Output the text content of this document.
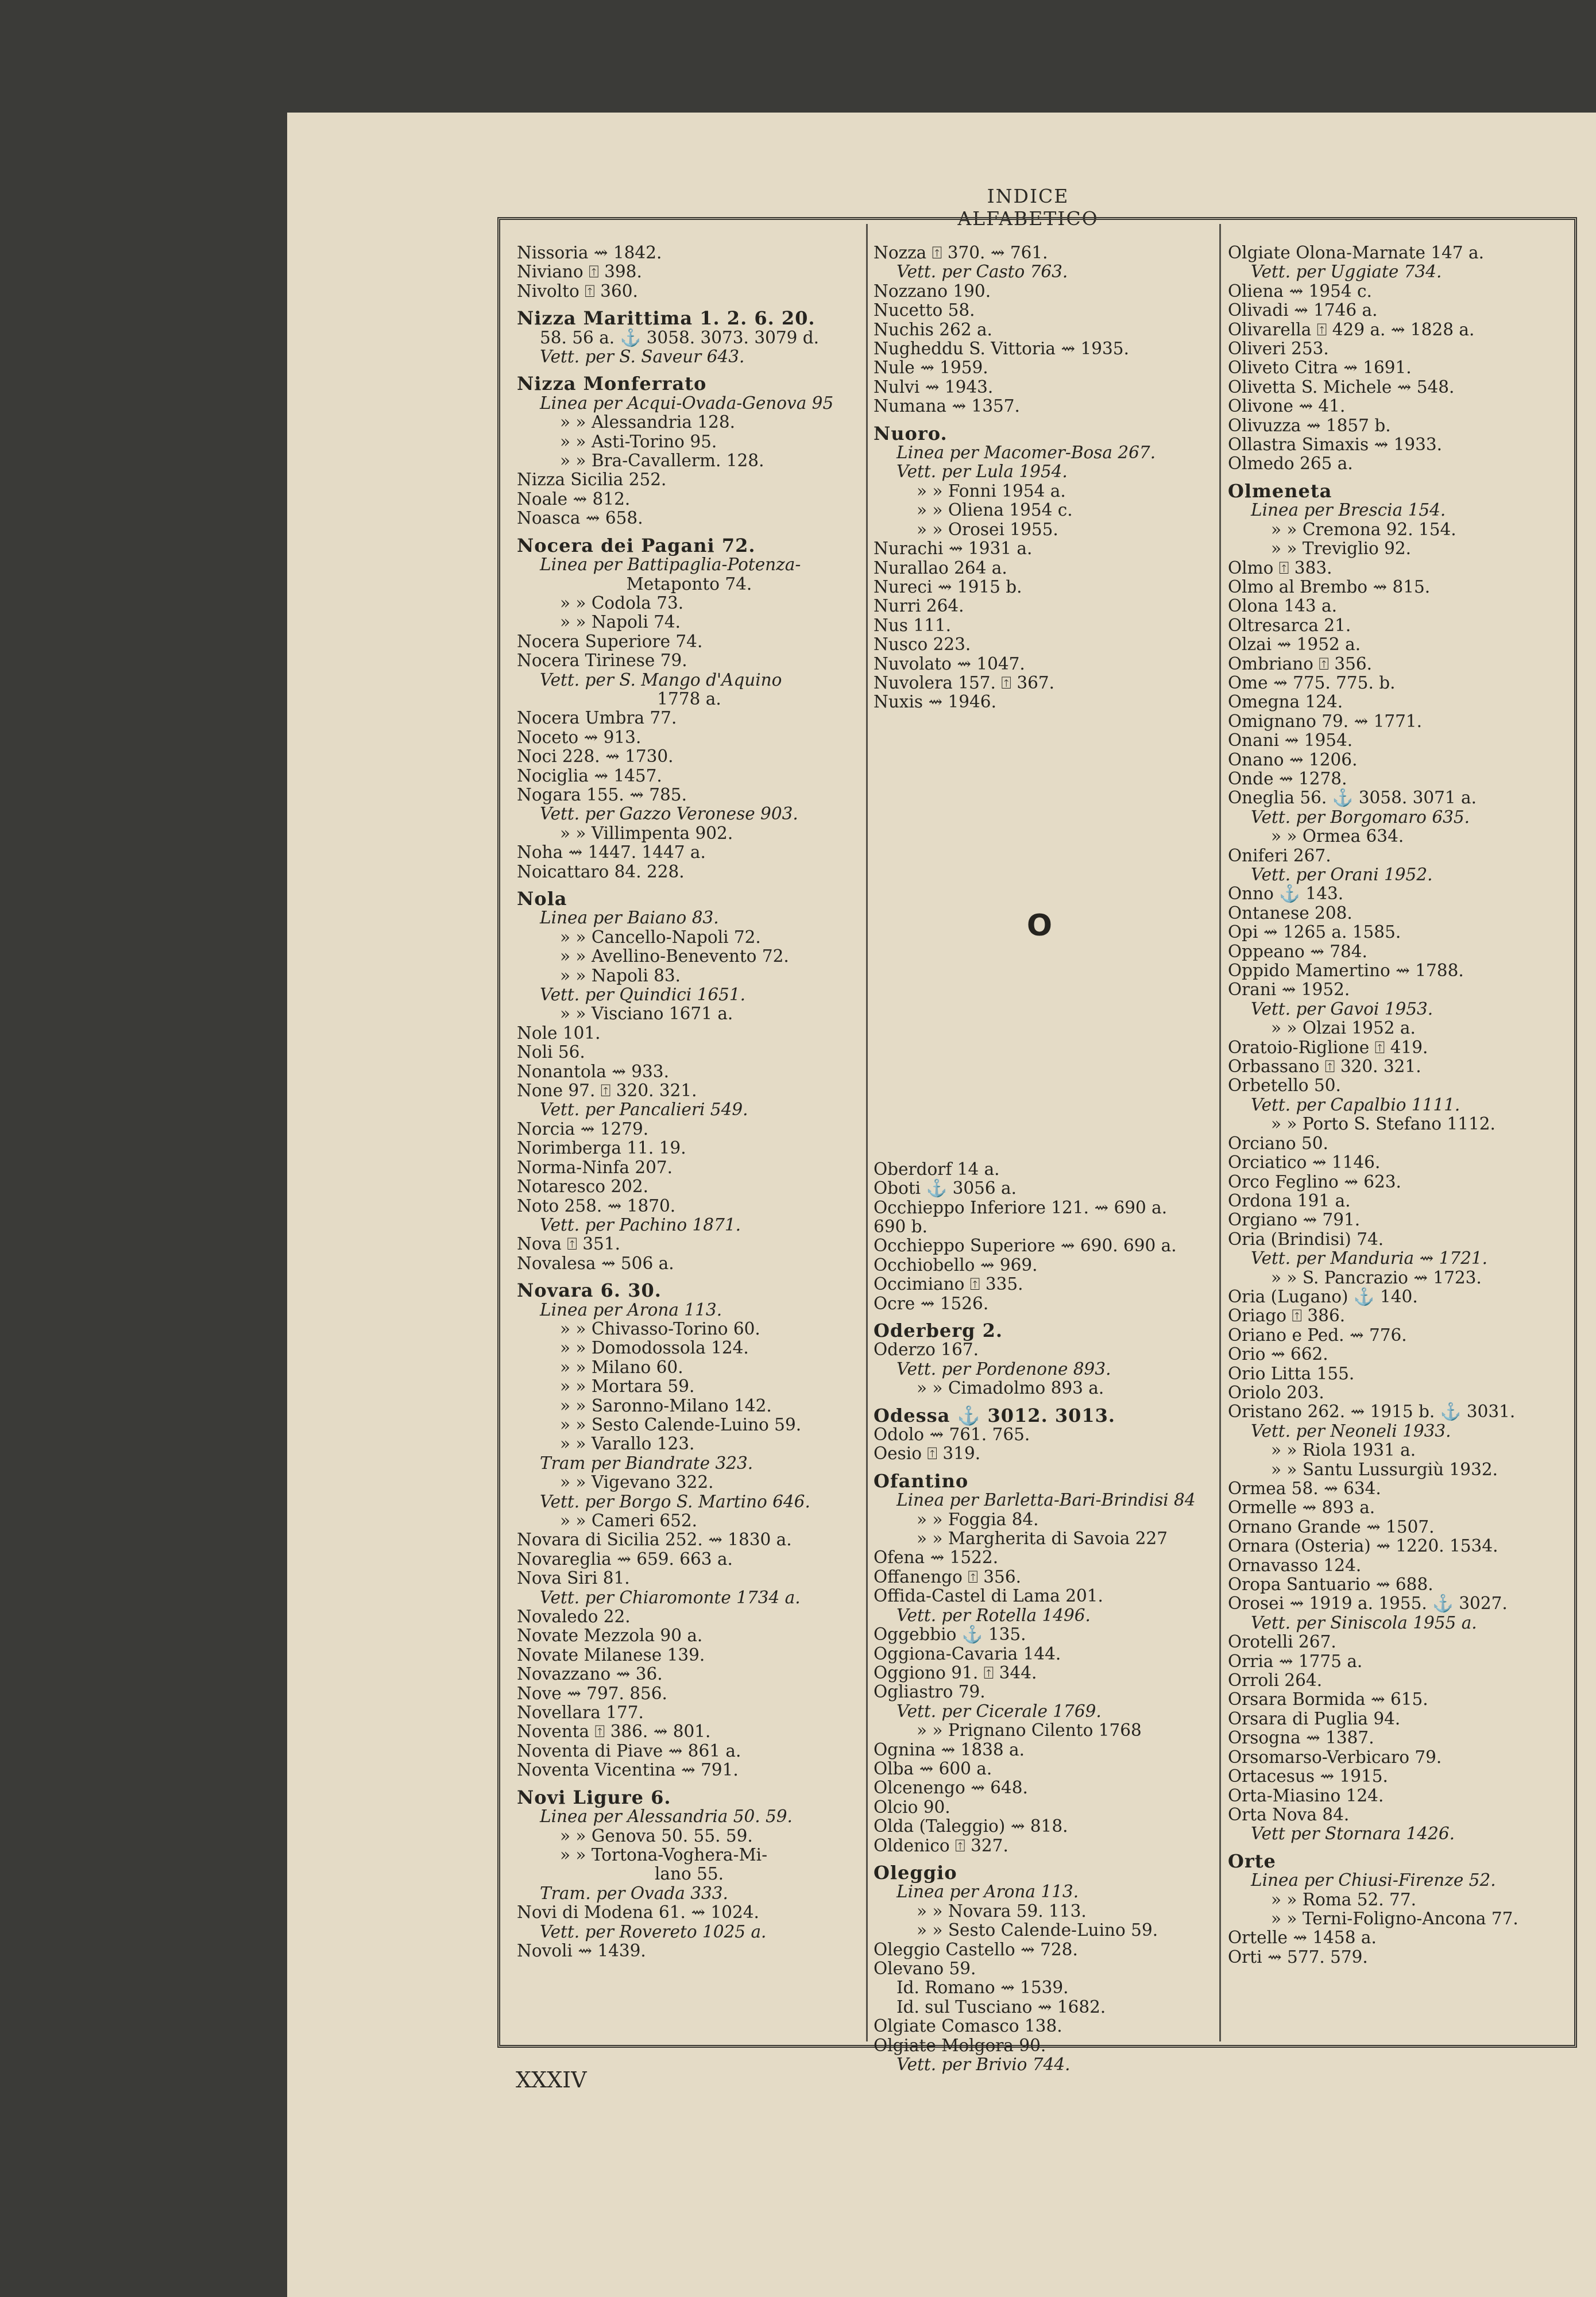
INDICE ALFABETICO
Nissoria ⇝ 1842.
Niviano ⍐ 398.
Nivolto ⍐ 360.
Nizza Marittima 1. 2. 6. 20.
58. 56 a. ⚓ 3058. 3073. 3079 d.
Vett. per S. Saveur 643.
Nizza Monferrato
Linea per Acqui-Ovada-Genova 95
» » Alessandria 128.
» » Asti-Torino 95.
» » Bra-Cavallerm. 128.
Nizza Sicilia 252.
Noale ⇝ 812.
Noasca ⇝ 658.
Nocera dei Pagani 72.
Linea per Battipaglia-Potenza-
Metaponto 74.
» » Codola 73.
» » Napoli 74.
Nocera Superiore 74.
Nocera Tirinese 79.
Vett. per S. Mango d'Aquino
1778 a.
Nocera Umbra 77.
Noceto ⇝ 913.
Noci 228. ⇝ 1730.
Nociglia ⇝ 1457.
Nogara 155. ⇝ 785.
Vett. per Gazzo Veronese 903.
» » Villimpenta 902.
Noha ⇝ 1447. 1447 a.
Noicattaro 84. 228.
Nola
Linea per Baiano 83.
» » Cancello-Napoli 72.
» » Avellino-Benevento 72.
» » Napoli 83.
Vett. per Quindici 1651.
» » Visciano 1671 a.
Nole 101.
Noli 56.
Nonantola ⇝ 933.
None 97. ⍐ 320. 321.
Vett. per Pancalieri 549.
Norcia ⇝ 1279.
Norimberga 11. 19.
Norma-Ninfa 207.
Notaresco 202.
Noto 258. ⇝ 1870.
Vett. per Pachino 1871.
Nova ⍐ 351.
Novalesa ⇝ 506 a.
Novara 6. 30.
Linea per Arona 113.
» » Chivasso-Torino 60.
» » Domodossola 124.
» » Milano 60.
» » Mortara 59.
» » Saronno-Milano 142.
» » Sesto Calende-Luino 59.
» » Varallo 123.
Tram per Biandrate 323.
» » Vigevano 322.
Vett. per Borgo S. Martino 646.
» » Cameri 652.
Novara di Sicilia 252. ⇝ 1830 a.
Novareglia ⇝ 659. 663 a.
Nova Siri 81.
Vett. per Chiaromonte 1734 a.
Novaledo 22.
Novate Mezzola 90 a.
Novate Milanese 139.
Novazzano ⇝ 36.
Nove ⇝ 797. 856.
Novellara 177.
Noventa ⍐ 386. ⇝ 801.
Noventa di Piave ⇝ 861 a.
Noventa Vicentina ⇝ 791.
Novi Ligure 6.
Linea per Alessandria 50. 59.
» » Genova 50. 55. 59.
» » Tortona-Voghera-Mi-
lano 55.
Tram. per Ovada 333.
Novi di Modena 61. ⇝ 1024.
Vett. per Rovereto 1025 a.
Novoli ⇝ 1439.
Nozza ⍐ 370. ⇝ 761.
Vett. per Casto 763.
Nozzano 190.
Nucetto 58.
Nuchis 262 a.
Nugheddu S. Vittoria ⇝ 1935.
Nule ⇝ 1959.
Nulvi ⇝ 1943.
Numana ⇝ 1357.
Nuoro.
Linea per Macomer-Bosa 267.
Vett. per Lula 1954.
» » Fonni 1954 a.
» » Oliena 1954 c.
» » Orosei 1955.
Nurachi ⇝ 1931 a.
Nurallao 264 a.
Nureci ⇝ 1915 b.
Nurri 264.
Nus 111.
Nusco 223.
Nuvolato ⇝ 1047.
Nuvolera 157. ⍐ 367.
Nuxis ⇝ 1946.
Oberdorf 14 a.
Oboti ⚓ 3056 a.
Occhieppo Inferiore 121. ⇝ 690 a.
690 b.
Occhieppo Superiore ⇝ 690. 690 a.
Occhiobello ⇝ 969.
Occimiano ⍐ 335.
Ocre ⇝ 1526.
Oderberg 2.
Oderzo 167.
Vett. per Pordenone 893.
» » Cimadolmo 893 a.
Odessa ⚓ 3012. 3013.
Odolo ⇝ 761. 765.
Oesio ⍐ 319.
Ofantino
Linea per Barletta-Bari-Brindisi 84
» » Foggia 84.
» » Margherita di Savoia 227
Ofena ⇝ 1522.
Offanengo ⍐ 356.
Offida-Castel di Lama 201.
Vett. per Rotella 1496.
Oggebbio ⚓ 135.
Oggiona-Cavaria 144.
Oggiono 91. ⍐ 344.
Ogliastro 79.
Vett. per Cicerale 1769.
» » Prignano Cilento 1768
Ognina ⇝ 1838 a.
Olba ⇝ 600 a.
Olcenengo ⇝ 648.
Olcio 90.
Olda (Taleggio) ⇝ 818.
Oldenico ⍐ 327.
Oleggio
Linea per Arona 113.
» » Novara 59. 113.
» » Sesto Calende-Luino 59.
Oleggio Castello ⇝ 728.
Olevano 59.
Id. Romano ⇝ 1539.
Id. sul Tusciano ⇝ 1682.
Olgiate Comasco 138.
Olgiate Molgora 90.
Vett. per Brivio 744.
Olgiate Olona-Marnate 147 a.
Vett. per Uggiate 734.
Oliena ⇝ 1954 c.
Olivadi ⇝ 1746 a.
Olivarella ⍐ 429 a. ⇝ 1828 a.
Oliveri 253.
Oliveto Citra ⇝ 1691.
Olivetta S. Michele ⇝ 548.
Olivone ⇝ 41.
Olivuzza ⇝ 1857 b.
Ollastra Simaxis ⇝ 1933.
Olmedo 265 a.
Olmeneta
Linea per Brescia 154.
» » Cremona 92. 154.
» » Treviglio 92.
Olmo ⍐ 383.
Olmo al Brembo ⇝ 815.
Olona 143 a.
Oltresarca 21.
Olzai ⇝ 1952 a.
Ombriano ⍐ 356.
Ome ⇝ 775. 775. b.
Omegna 124.
Omignano 79. ⇝ 1771.
Onani ⇝ 1954.
Onano ⇝ 1206.
Onde ⇝ 1278.
Oneglia 56. ⚓ 3058. 3071 a.
Vett. per Borgomaro 635.
» » Ormea 634.
Oniferi 267.
Vett. per Orani 1952.
Onno ⚓ 143.
Ontanese 208.
Opi ⇝ 1265 a. 1585.
Oppeano ⇝ 784.
Oppido Mamertino ⇝ 1788.
Orani ⇝ 1952.
Vett. per Gavoi 1953.
» » Olzai 1952 a.
Oratoio-Riglione ⍐ 419.
Orbassano ⍐ 320. 321.
Orbetello 50.
Vett. per Capalbio 1111.
» » Porto S. Stefano 1112.
Orciano 50.
Orciatico ⇝ 1146.
Orco Feglino ⇝ 623.
Ordona 191 a.
Orgiano ⇝ 791.
Oria (Brindisi) 74.
Vett. per Manduria ⇝ 1721.
» » S. Pancrazio ⇝ 1723.
Oria (Lugano) ⚓ 140.
Oriago ⍐ 386.
Oriano e Ped. ⇝ 776.
Orio ⇝ 662.
Orio Litta 155.
Oriolo 203.
Oristano 262. ⇝ 1915 b. ⚓ 3031.
Vett. per Neoneli 1933.
» » Riola 1931 a.
» » Santu Lussurgiù 1932.
Ormea 58. ⇝ 634.
Ormelle ⇝ 893 a.
Ornano Grande ⇝ 1507.
Ornara (Osteria) ⇝ 1220. 1534.
Ornavasso 124.
Oropa Santuario ⇝ 688.
Orosei ⇝ 1919 a. 1955. ⚓ 3027.
Vett. per Siniscola 1955 a.
Orotelli 267.
Orria ⇝ 1775 a.
Orroli 264.
Orsara Bormida ⇝ 615.
Orsara di Puglia 94.
Orsogna ⇝ 1387.
Orsomarso-Verbicaro 79.
Ortacesus ⇝ 1915.
Orta-Miasino 124.
Orta Nova 84.
Vett per Stornara 1426.
Orte
Linea per Chiusi-Firenze 52.
» » Roma 52. 77.
» » Terni-Foligno-Ancona 77.
Ortelle ⇝ 1458 a.
Orti ⇝ 577. 579.
O
XXXIV
